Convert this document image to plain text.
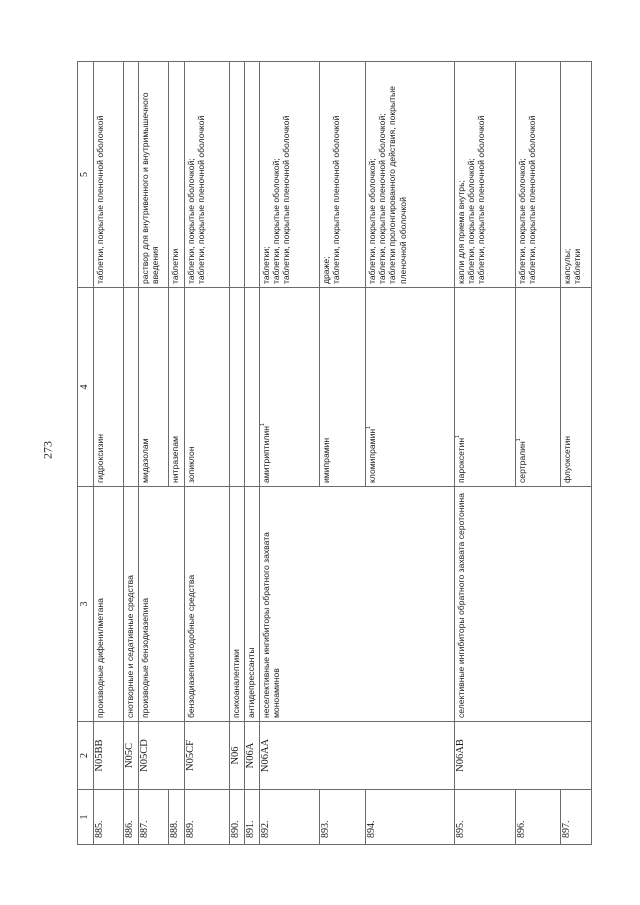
273
1	2	3	4	5
885.	N05BB	производные дифенилметана	гидроксизин	таблетки, покрытые пленочной оболочкой

886.	N05C	снотворные и седативные средства		
887.	N05CD	производные бензодиазепина	мидазолам	раствор для внутривенного и внутримышечного введения

888.			нитразепам	таблетки

889.	N05CF	бензодиазепиноподобные средства	зопиклон	таблетки, покрытые оболочкой; таблетки, покрытые пленочной оболочкой

890.	N06	психоаналептики		
891.	N06A	антидепрессанты		
892.	N06AA	неселективные ингибиторы обратного захвата моноаминов	амитриптилин$^1$	таблетки; таблетки, покрытые оболочкой; таблетки, покрытые пленочной оболочкой

893.			имипрамин	драже; таблетки, покрытые пленочной оболочкой

894.			кломипрамин$^1$	таблетки, покрытые оболочкой; таблетки, покрытые пленочной оболочкой; таблетки пролонгированного действия, покрытые пленочной оболочкой

895.	N06AB	селективные ингибиторы обратного захвата серотонина	пароксетин$^1$	капли для приема внутрь; таблетки, покрытые оболочкой; таблетки, покрытые пленочной оболочкой

896.			сертралин$^1$	таблетки, покрытые оболочкой; таблетки, покрытые пленочной оболочкой

897.			флуоксетин	капсулы; таблетки
